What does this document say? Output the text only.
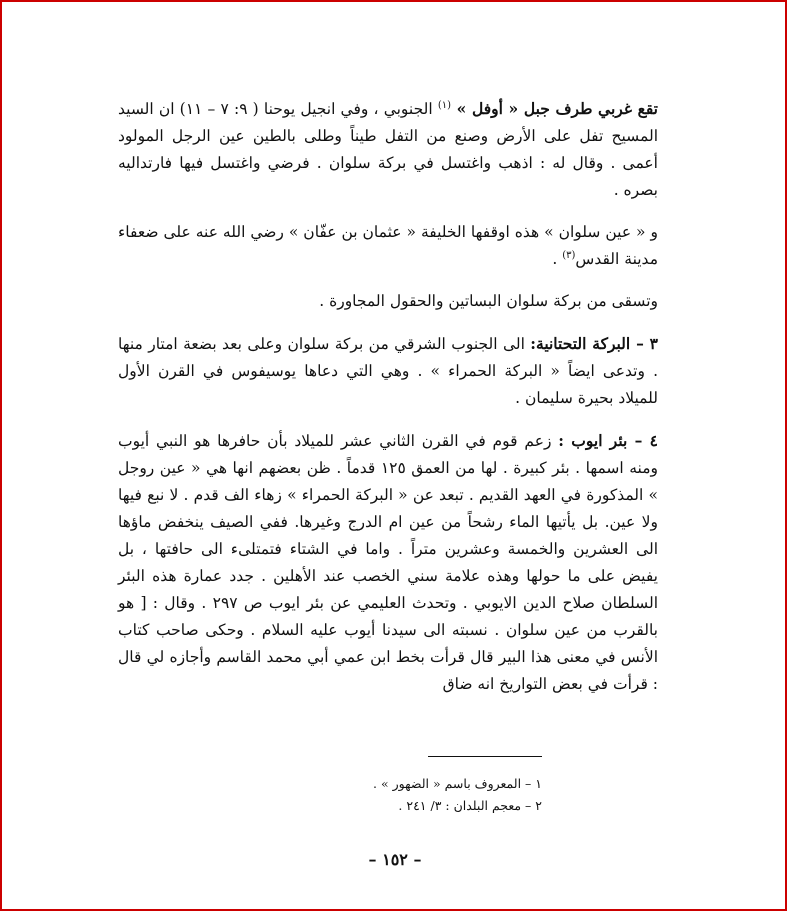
تقع غربي طرف جبل « أوفل » $^{(١)}$ الجنوبي ، وفي انجيل يوحنا ( ٩: ٧ – ١١) ان السيد المسيح تفل على الأرض وصنع من التفل طيناً وطلى بالطين عين الرجل المولود أعمى . وقال له : اذهب واغتسل في بركة سلوان . فرضي واغتسل فيها فارتداليه بصره .

و « عين سلوان » هذه اوقفها الخليفة « عثمان بن عفّان » رضي الله عنه على ضعفاء مدينة القدس$^{(٣)}$ .

وتسقى من بركة سلوان البساتين والحقول المجاورة .

٣ – البركة التحتانية: الى الجنوب الشرقي من بركة سلوان وعلى بعد بضعة امتار منها . وتدعى ايضاً « البركة الحمراء » . وهي التي دعاها يوسيفوس في القرن الأول للميلاد بحيرة سليمان .

٤ – بئر ايوب : زعم قوم في القرن الثاني عشر للميلاد بأن حافرها هو النبي أيوب ومنه اسمها . بئر كبيرة . لها من العمق ١٢٥ قدماً . ظن بعضهم انها هي « عين روجل » المذكورة في العهد القديم . تبعد عن « البركة الحمراء » زهاء الف قدم . لا نبع فيها ولا عين. بل يأتيها الماء رشحاً من عين ام الدرج وغيرها. ففي الصيف ينخفض ماؤها الى العشرين والخمسة وعشرين متراً . واما في الشتاء فتمتلىء الى حافتها ، بل يفيض على ما حولها وهذه علامة سني الخصب عند الأهلين . جدد عمارة هذه البئر السلطان صلاح الدين الايوبي . وتحدث العليمي عن بئر ايوب ص ٢٩٧ . وقال : [ هو بالقرب من عين سلوان . نسبته الى سيدنا أيوب عليه السلام . وحكى صاحب كتاب الأنس في معنى هذا البير قال قرأت بخط ابن عمي أبي محمد القاسم وأجازه لي قال : قرأت في بعض التواريخ انه ضاق

١ – المعروف باسم « الضهور » .
٢ – معجم البلدان : ٣/ ٢٤١ .
– ١٥٢ –
